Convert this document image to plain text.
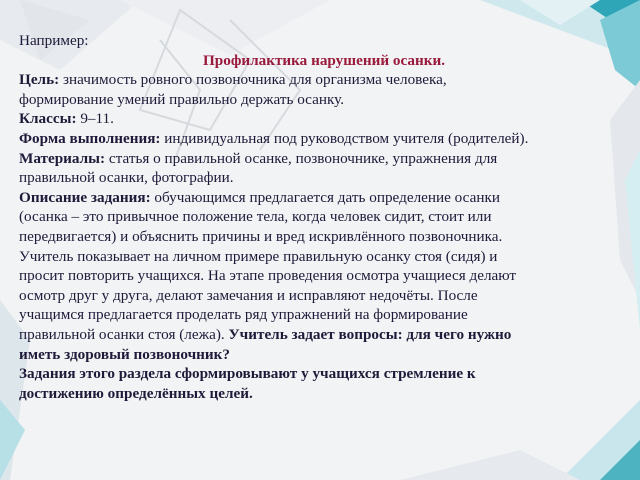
Например:
Профилактика нарушений осанки.
Цель: значимость ровного позвоночника для организма человека,
формирование умений правильно держать осанку.
Классы: 9–11.
Форма выполнения: индивидуальная под руководством учителя (родителей).
Материалы: статья о правильной осанке, позвоночнике, упражнения для
правильной осанки, фотографии.
Описание задания: обучающимся предлагается дать определение осанки
(осанка – это привычное положение тела, когда человек сидит, стоит или
передвигается) и объяснить причины и вред искривлённого позвоночника.
Учитель показывает на личном примере правильную осанку стоя (сидя) и
просит повторить учащихся. На этапе проведения осмотра учащиеся делают
осмотр друг у друга, делают замечания и исправляют недочёты. После
учащимся предлагается проделать ряд упражнений на формирование
правильной осанки стоя (лежа). Учитель задает вопросы: для чего нужно
иметь здоровый позвоночник?
Задания этого раздела сформировывают у учащихся стремление к
достижению определённых целей.
